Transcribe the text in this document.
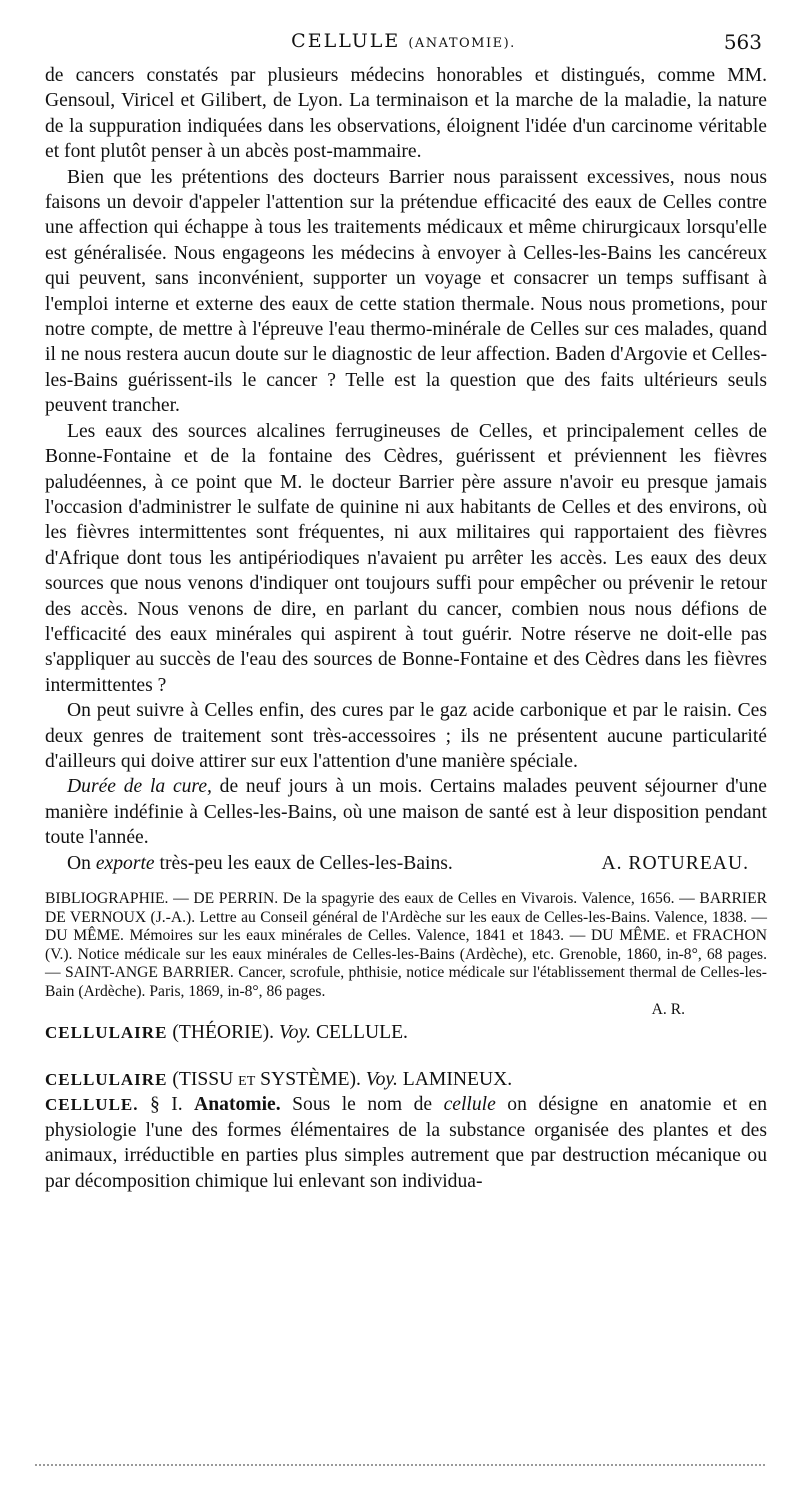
CELLULE (ANATOMIE).	563

de cancers constatés par plusieurs médecins honorables et distingués, comme MM. Gensoul, Viricel et Gilibert, de Lyon. La terminaison et la marche de la maladie, la nature de la suppuration indiquées dans les observations, éloignent l'idée d'un carcinome véritable et font plutôt penser à un abcès post-mammaire.

Bien que les prétentions des docteurs Barrier nous paraissent excessives, nous nous faisons un devoir d'appeler l'attention sur la prétendue efficacité des eaux de Celles contre une affection qui échappe à tous les traitements médicaux et même chirurgicaux lorsqu'elle est généralisée. Nous engageons les médecins à envoyer à Celles-les-Bains les cancéreux qui peuvent, sans inconvénient, supporter un voyage et consacrer un temps suffisant à l'emploi interne et externe des eaux de cette station thermale. Nous nous prometions, pour notre compte, de mettre à l'épreuve l'eau thermo-minérale de Celles sur ces malades, quand il ne nous restera aucun doute sur le diagnostic de leur affection. Baden d'Argovie et Celles-les-Bains guérissent-ils le cancer ? Telle est la question que des faits ultérieurs seuls peuvent trancher.

Les eaux des sources alcalines ferrugineuses de Celles, et principalement celles de Bonne-Fontaine et de la fontaine des Cèdres, guérissent et préviennent les fièvres paludéennes, à ce point que M. le docteur Barrier père assure n'avoir eu presque jamais l'occasion d'administrer le sulfate de quinine ni aux habitants de Celles et des environs, où les fièvres intermittentes sont fréquentes, ni aux militaires qui rapportaient des fièvres d'Afrique dont tous les antipériodiques n'avaient pu arrêter les accès. Les eaux des deux sources que nous venons d'indiquer ont toujours suffi pour empêcher ou prévenir le retour des accès. Nous venons de dire, en parlant du cancer, combien nous nous défions de l'efficacité des eaux minérales qui aspirent à tout guérir. Notre réserve ne doit-elle pas s'appliquer au succès de l'eau des sources de Bonne-Fontaine et des Cèdres dans les fièvres intermittentes ?

On peut suivre à Celles enfin, des cures par le gaz acide carbonique et par le raisin. Ces deux genres de traitement sont très-accessoires ; ils ne présentent aucune particularité d'ailleurs qui doive attirer sur eux l'attention d'une manière spéciale.

Durée de la cure, de neuf jours à un mois. Certains malades peuvent séjourner d'une manière indéfinie à Celles-les-Bains, où une maison de santé est à leur disposition pendant toute l'année.

On exporte très-peu les eaux de Celles-les-Bains.	A. ROTUREAU.
BIBLIOGRAPHIE. — DE PERRIN. De la spagyrie des eaux de Celles en Vivarois. Valence, 1656. — BARRIER DE VERNOUX (J.-A.). Lettre au Conseil général de l'Ardèche sur les eaux de Celles-les-Bains. Valence, 1838. — DU MÊME. Mémoires sur les eaux minérales de Celles. Valence, 1841 et 1843. — DU MÊME. et FRACHON (V.). Notice médicale sur les eaux minérales de Celles-les-Bains (Ardèche), etc. Grenoble, 1860, in-8°, 68 pages. — SAINT-ANGE BARRIER. Cancer, scrofule, phthisie, notice médicale sur l'établissement thermal de Celles-les-Bain (Ardèche). Paris, 1869, in-8°, 86 pages.
A. R.

CELLULAIRE (THÉORIE). Voy. CELLULE.

CELLULAIRE (TISSU et SYSTÈME). Voy. LAMINEUX.

CELLULE. § I. Anatomie. Sous le nom de cellule on désigne en anatomie et en physiologie l'une des formes élémentaires de la substance organisée des plantes et des animaux, irréductible en parties plus simples autrement que par destruction mécanique ou par décomposition chimique lui enlevant son individua-
